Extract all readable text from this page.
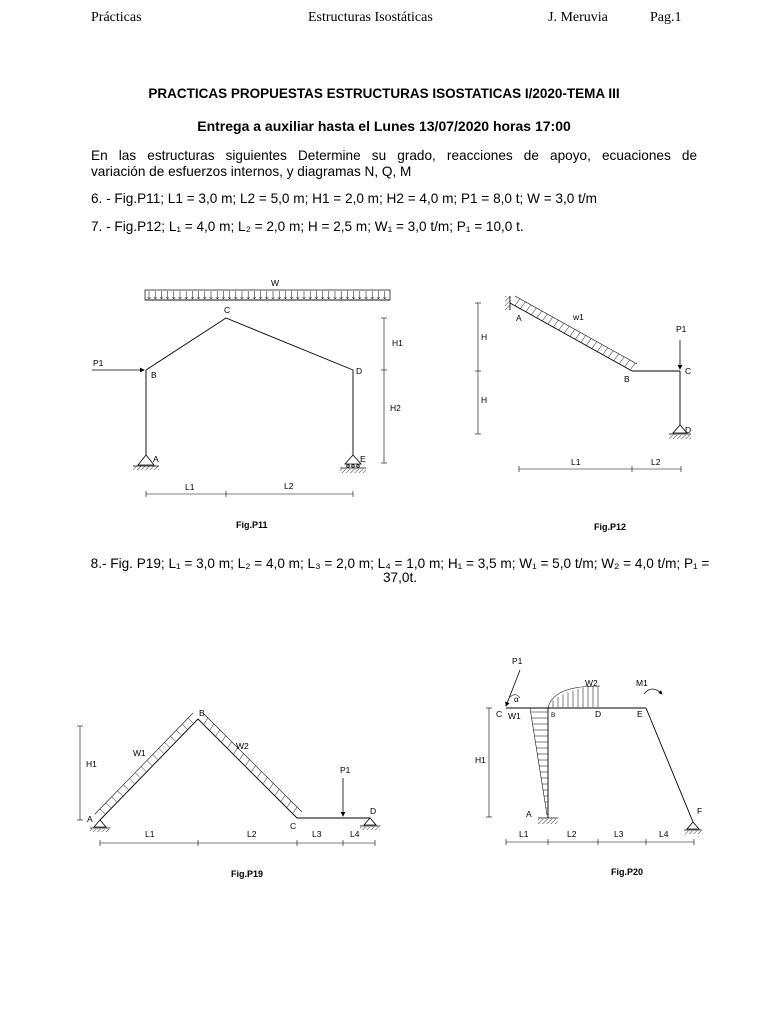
Prácticas	Estructuras Isostáticas	J. Meruvia	Pag.1
PRACTICAS PROPUESTAS ESTRUCTURAS ISOSTATICAS I/2020-TEMA III
Entrega a auxiliar hasta el Lunes 13/07/2020 horas 17:00
En las estructuras siguientes Determine su grado, reacciones de apoyo, ecuaciones de
variación de esfuerzos internos, y diagramas N, Q, M
6. - Fig.P11; L1 = 3,0 m; L2 = 5,0 m; H1 = 2,0 m; H2 = 4,0 m; P1 = 8,0 t; W = 3,0 t/m
7. - Fig.P12; L₁ = 4,0 m; L₂ = 2,0 m; H = 2,5 m; W₁ = 3,0 t/m; P₁ = 10,0 t.
8.- Fig. P19; L₁ = 3,0 m; L₂ = 4,0 m; L₃ = 2,0 m; L₄ = 1,0 m; H₁ = 3,5 m; W₁ = 5,0 t/m; W₂ = 4,0 t/m; P₁ =
37,0t.
Fig.P11	Fig.P12
Fig.P19	Fig.P20
W
P1
C
B	D
A	E
H1
H2
L1	L2
P1
A	w1
B
C
D
H
H
L1	L2
P1
A
B
C
D
W1
W2
H1
L1	L2	L3	L4
P1
α
M1
W2
C W1	B	D	E
A	F
H1
L1	L2	L3	L4
